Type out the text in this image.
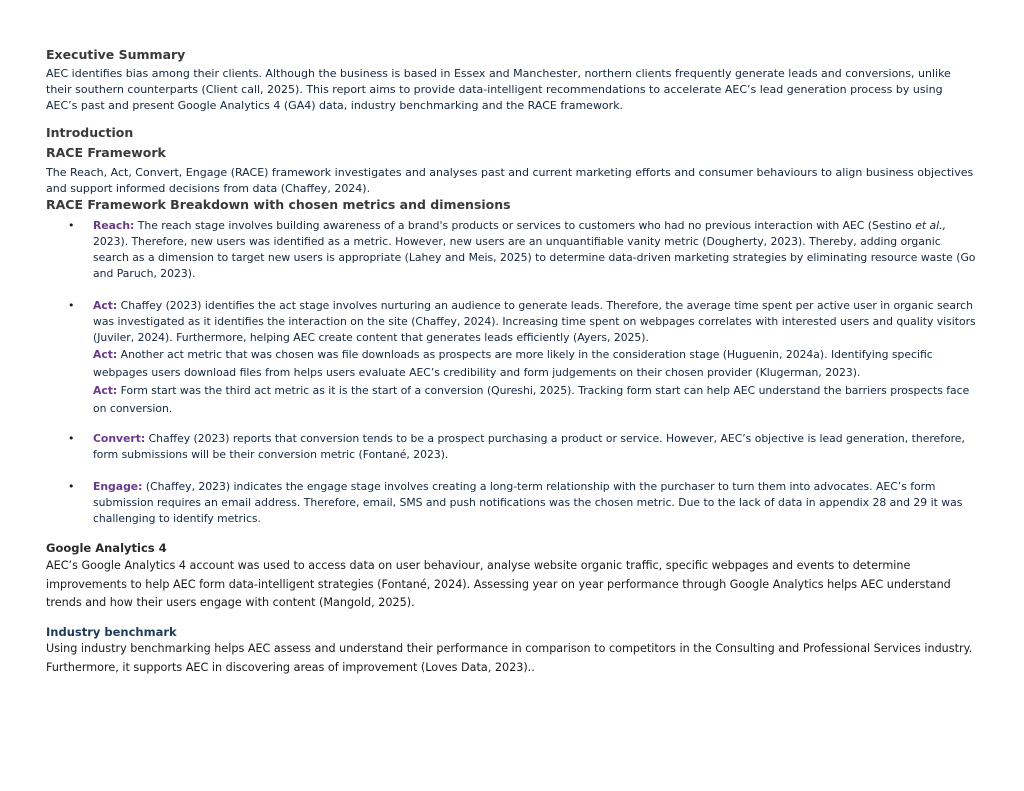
Executive Summary

AEC identifies bias among their clients. Although the business is based in Essex and Manchester, northern clients frequently generate leads and conversions, unlike their southern counterparts (Client call, 2025). This report aims to provide data-intelligent recommendations to accelerate AEC’s lead generation process by using AEC’s past and present Google Analytics 4 (GA4) data, industry benchmarking and the RACE framework.

Introduction

RACE Framework

The Reach, Act, Convert, Engage (RACE) framework investigates and analyses past and current marketing efforts and consumer behaviours to align business objectives and support informed decisions from data (Chaffey, 2024).

RACE Framework Breakdown with chosen metrics and dimensions

• Reach: The reach stage involves building awareness of a brand's products or services to customers who had no previous interaction with AEC (Sestino et al., 2023). Therefore, new users was identified as a metric. However, new users are an unquantifiable vanity metric (Dougherty, 2023). Thereby, adding organic search as a dimension to target new users is appropriate (Lahey and Meis, 2025) to determine data-driven marketing strategies by eliminating resource waste (Go and Paruch, 2023).
• Act: Chaffey (2023) identifies the act stage involves nurturing an audience to generate leads. Therefore, the average time spent per active user in organic search was investigated as it identifies the interaction on the site (Chaffey, 2024). Increasing time spent on webpages correlates with interested users and quality visitors (Juviler, 2024). Furthermore, helping AEC create content that generates leads efficiently (Ayers, 2025).
Act: Another act metric that was chosen was file downloads as prospects are more likely in the consideration stage (Huguenin, 2024a). Identifying specific webpages users download files from helps users evaluate AEC’s credibility and form judgements on their chosen provider (Klugerman, 2023).
Act: Form start was the third act metric as it is the start of a conversion (Qureshi, 2025). Tracking form start can help AEC understand the barriers prospects face on conversion.
• Convert: Chaffey (2023) reports that conversion tends to be a prospect purchasing a product or service. However, AEC’s objective is lead generation, therefore, form submissions will be their conversion metric (Fontané, 2023).
• Engage: (Chaffey, 2023) indicates the engage stage involves creating a long-term relationship with the purchaser to turn them into advocates. AEC’s form submission requires an email address. Therefore, email, SMS and push notifications was the chosen metric. Due to the lack of data in appendix 28 and 29 it was challenging to identify metrics.

Google Analytics 4

AEC’s Google Analytics 4 account was used to access data on user behaviour, analyse website organic traffic, specific webpages and events to determine improvements to help AEC form data-intelligent strategies (Fontané, 2024). Assessing year on year performance through Google Analytics helps AEC understand trends and how their users engage with content (Mangold, 2025).

Industry benchmark

Using industry benchmarking helps AEC assess and understand their performance in comparison to competitors in the Consulting and Professional Services industry. Furthermore, it supports AEC in discovering areas of improvement (Loves Data, 2023)..
